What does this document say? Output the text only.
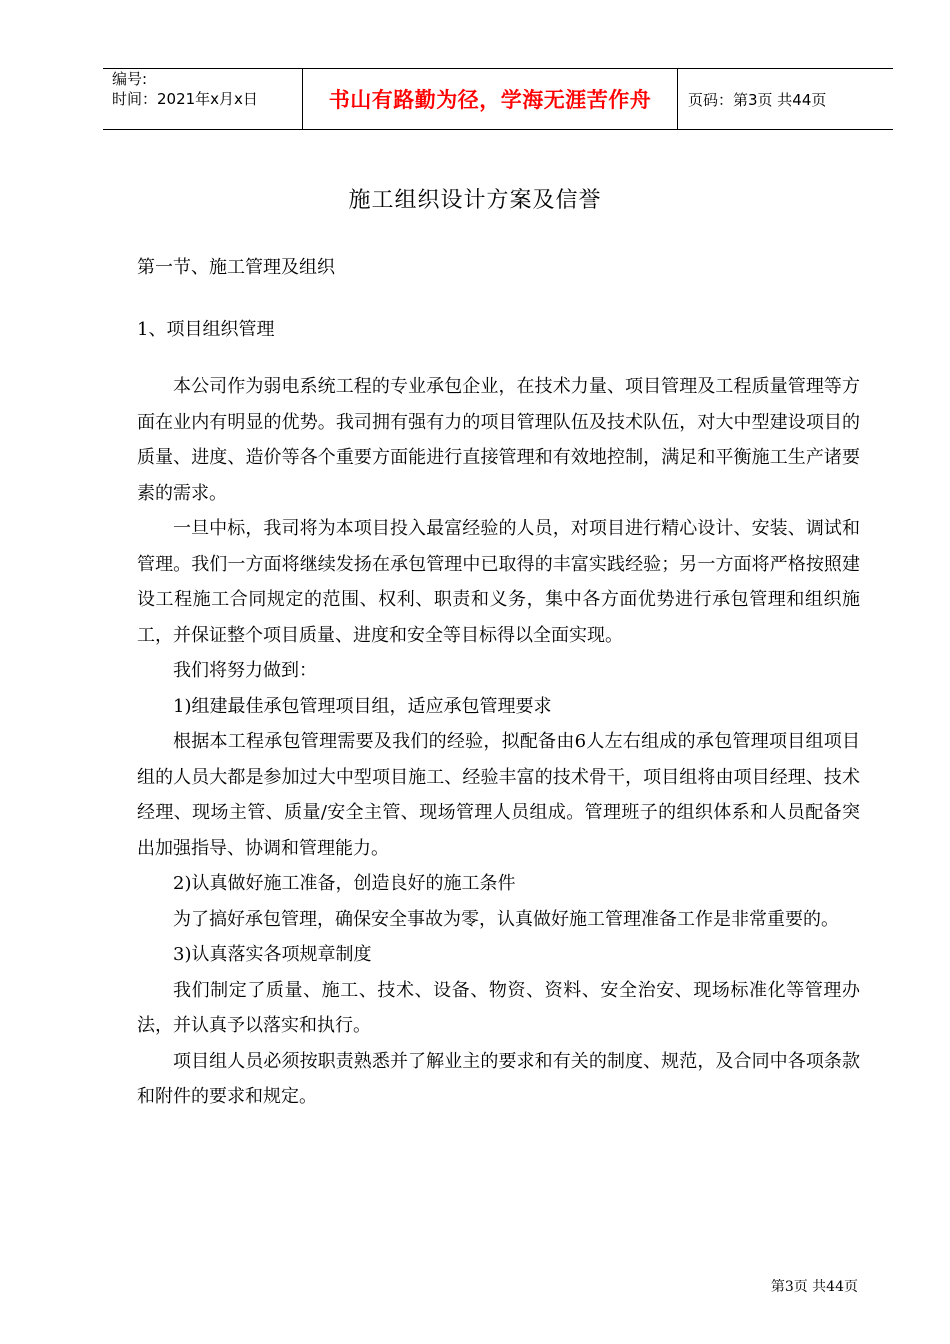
编号:
时间：2021年x月x日	书山有路勤为径，学海无涯苦作舟	页码：第3页 共44页
施工组织设计方案及信誉
第一节、施工管理及组织
1、项目组织管理

本公司作为弱电系统工程的专业承包企业，在技术力量、项目管理及工程质量管理等方面在业内有明显的优势。我司拥有强有力的项目管理队伍及技术队伍，对大中型建设项目的质量、进度、造价等各个重要方面能进行直接管理和有效地控制，满足和平衡施工生产诸要素的需求。

一旦中标，我司将为本项目投入最富经验的人员，对项目进行精心设计、安装、调试和管理。我们一方面将继续发扬在承包管理中已取得的丰富实践经验；另一方面将严格按照建设工程施工合同规定的范围、权利、职责和义务，集中各方面优势进行承包管理和组织施工，并保证整个项目质量、进度和安全等目标得以全面实现。

我们将努力做到：

1)组建最佳承包管理项目组，适应承包管理要求

根据本工程承包管理需要及我们的经验，拟配备由6人左右组成的承包管理项目组项目组的人员大都是参加过大中型项目施工、经验丰富的技术骨干，项目组将由项目经理、技术经理、现场主管、质量/安全主管、现场管理人员组成。管理班子的组织体系和人员配备突出加强指导、协调和管理能力。

2)认真做好施工准备，创造良好的施工条件

为了搞好承包管理，确保安全事故为零，认真做好施工管理准备工作是非常重要的。

3)认真落实各项规章制度

我们制定了质量、施工、技术、设备、物资、资料、安全治安、现场标准化等管理办法，并认真予以落实和执行。

项目组人员必须按职责熟悉并了解业主的要求和有关的制度、规范，及合同中各项条款和附件的要求和规定。

第3页 共44页
